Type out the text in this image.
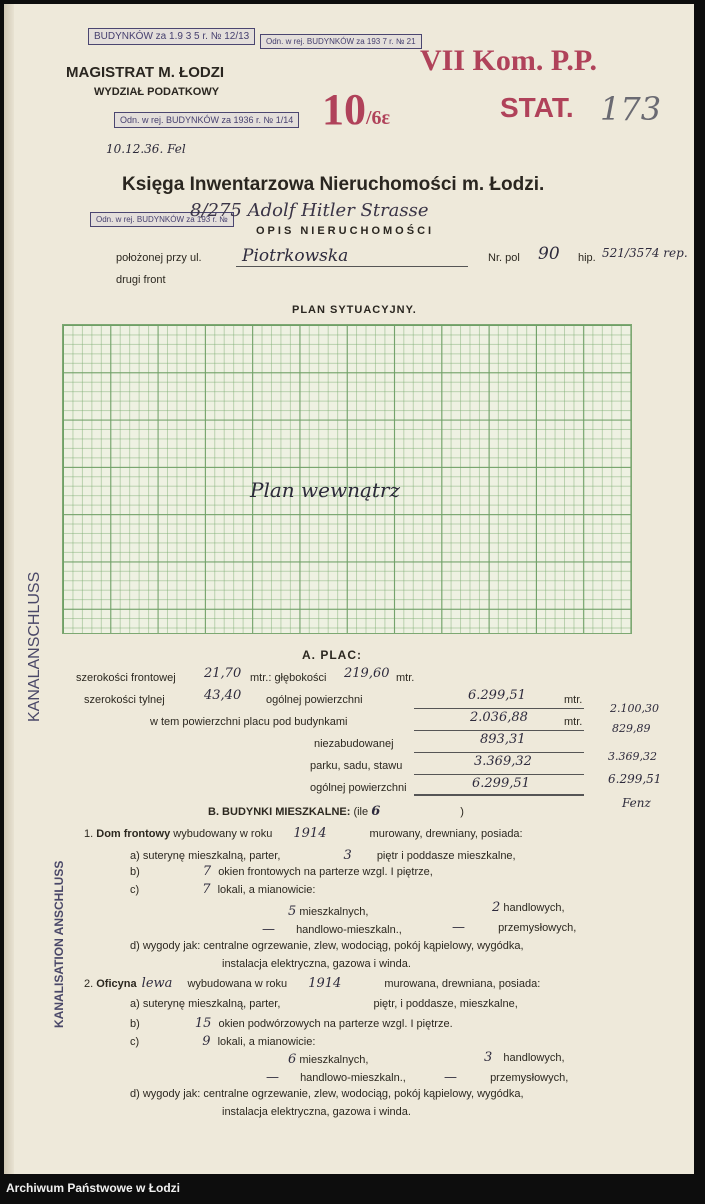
BUDYNKÓW za 1.9 3 5 r. № 12/13	Odn. w rej. BUDYNKÓW za 193 7 r. № 21
Odn. w rej. BUDYNKÓW za 1936 r. № 1/14
Odn. w rej. BUDYNKÓW za 193 r. №
MAGISTRAT M. ŁODZI
WYDZIAŁ PODATKOWY 10/6ε
VII Kom. P.P.
STAT. 173
10.12.36. Fel
Księga Inwentarzowa Nieruchomości m. Łodzi.
8/275 Adolf Hitler Strasse
OPIS NIERUCHOMOŚCI
położonej przy ul. Piotrkowska	Nr. pol 90 hip. 521/3574 rep.
drugi front
PLAN SYTUACYJNY.
Plan wewnątrz
KANALANSCHLUSS
KANALISATION ANSCHLUSS
A. PLAC:
szerokości frontowej 21,70 mtr.: głębokości 219,60 mtr.
szerokości tylnej	43,40 ogólnej powierzchni	6.299,51	mtr.
w tem powierzchni placu pod budynkami	2.036,88	mtr.
2.100,30
niezabudowanej	893,31
829,89
parku, sadu, stawu	3.369,32	3.369,32
ogólnej powierzchni	6.299,51	6.299,51
Fenz
B. BUDYNKI MIESZKALNE: (ile 6	)
1. Dom frontowy wybudowany w roku 1914	murowany, drewniany, posiada:
a) suterynę mieszkalną, parter,	3 piętr i poddasze mieszkalne,
b)	7 okien frontowych na parterze wzgl. I piętrze,
c)	7 lokali, a mianowicie:
5 mieszkalnych,	2 handlowych,
— handlowo-mieszkaln.,	—	przemysłowych,
d) wygody jak: centralne ogrzewanie, zlew, wodociąg, pokój kąpielowy, wygódka,
instalacja elektryczna, gazowa i winda.
2. Oficyna lewa wybudowana w roku 1914	murowana, drewniana, posiada:
a) suterynę mieszkalną, parter,	piętr, i poddasze, mieszkalne,
b)	15 okien podwórzowych na parterze wzgl. I piętrze.
c)	9 lokali, a mianowicie:
6 mieszkalnych,	3 handlowych,
— handlowo-mieszkaln.,	—	przemysłowych,
d) wygody jak: centralne ogrzewanie, zlew, wodociąg, pokój kąpielowy, wygódka,
instalacja elektryczna, gazowa i winda.
Archiwum Państwowe w Łodzi
